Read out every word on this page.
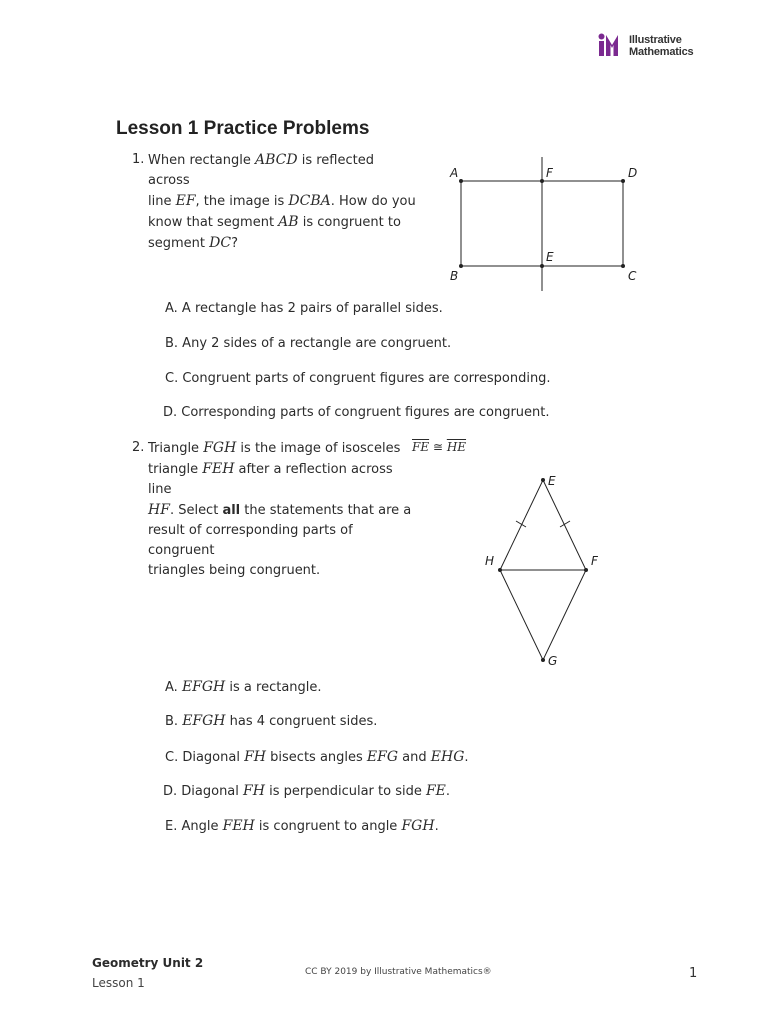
Illustrative
Mathematics
Lesson 1 Practice Problems
1. When rectangle ABCD is reflected across
line EF, the image is DCBA. How do you
know that segment AB is congruent to
segment DC?
A	F	D
E
B	C
A. A rectangle has 2 pairs of parallel sides.
B. Any 2 sides of a rectangle are congruent.
C. Congruent parts of congruent figures are corresponding.
D. Corresponding parts of congruent figures are congruent.
2. Triangle FGH is the image of isosceles
triangle FEH after a reflection across line
HF. Select all the statements that are a
result of corresponding parts of congruent
triangles being congruent.
$\overline{FE}$ ≅ $\overline{HE}$
E
F
G
H
A. EFGH is a rectangle.
B. EFGH has 4 congruent sides.
C. Diagonal FH bisects angles EFG and EHG.
D. Diagonal FH is perpendicular to side FE.
E. Angle FEH is congruent to angle FGH.
Geometry Unit 2
Lesson 1
CC BY 2019 by Illustrative Mathematics®	1
